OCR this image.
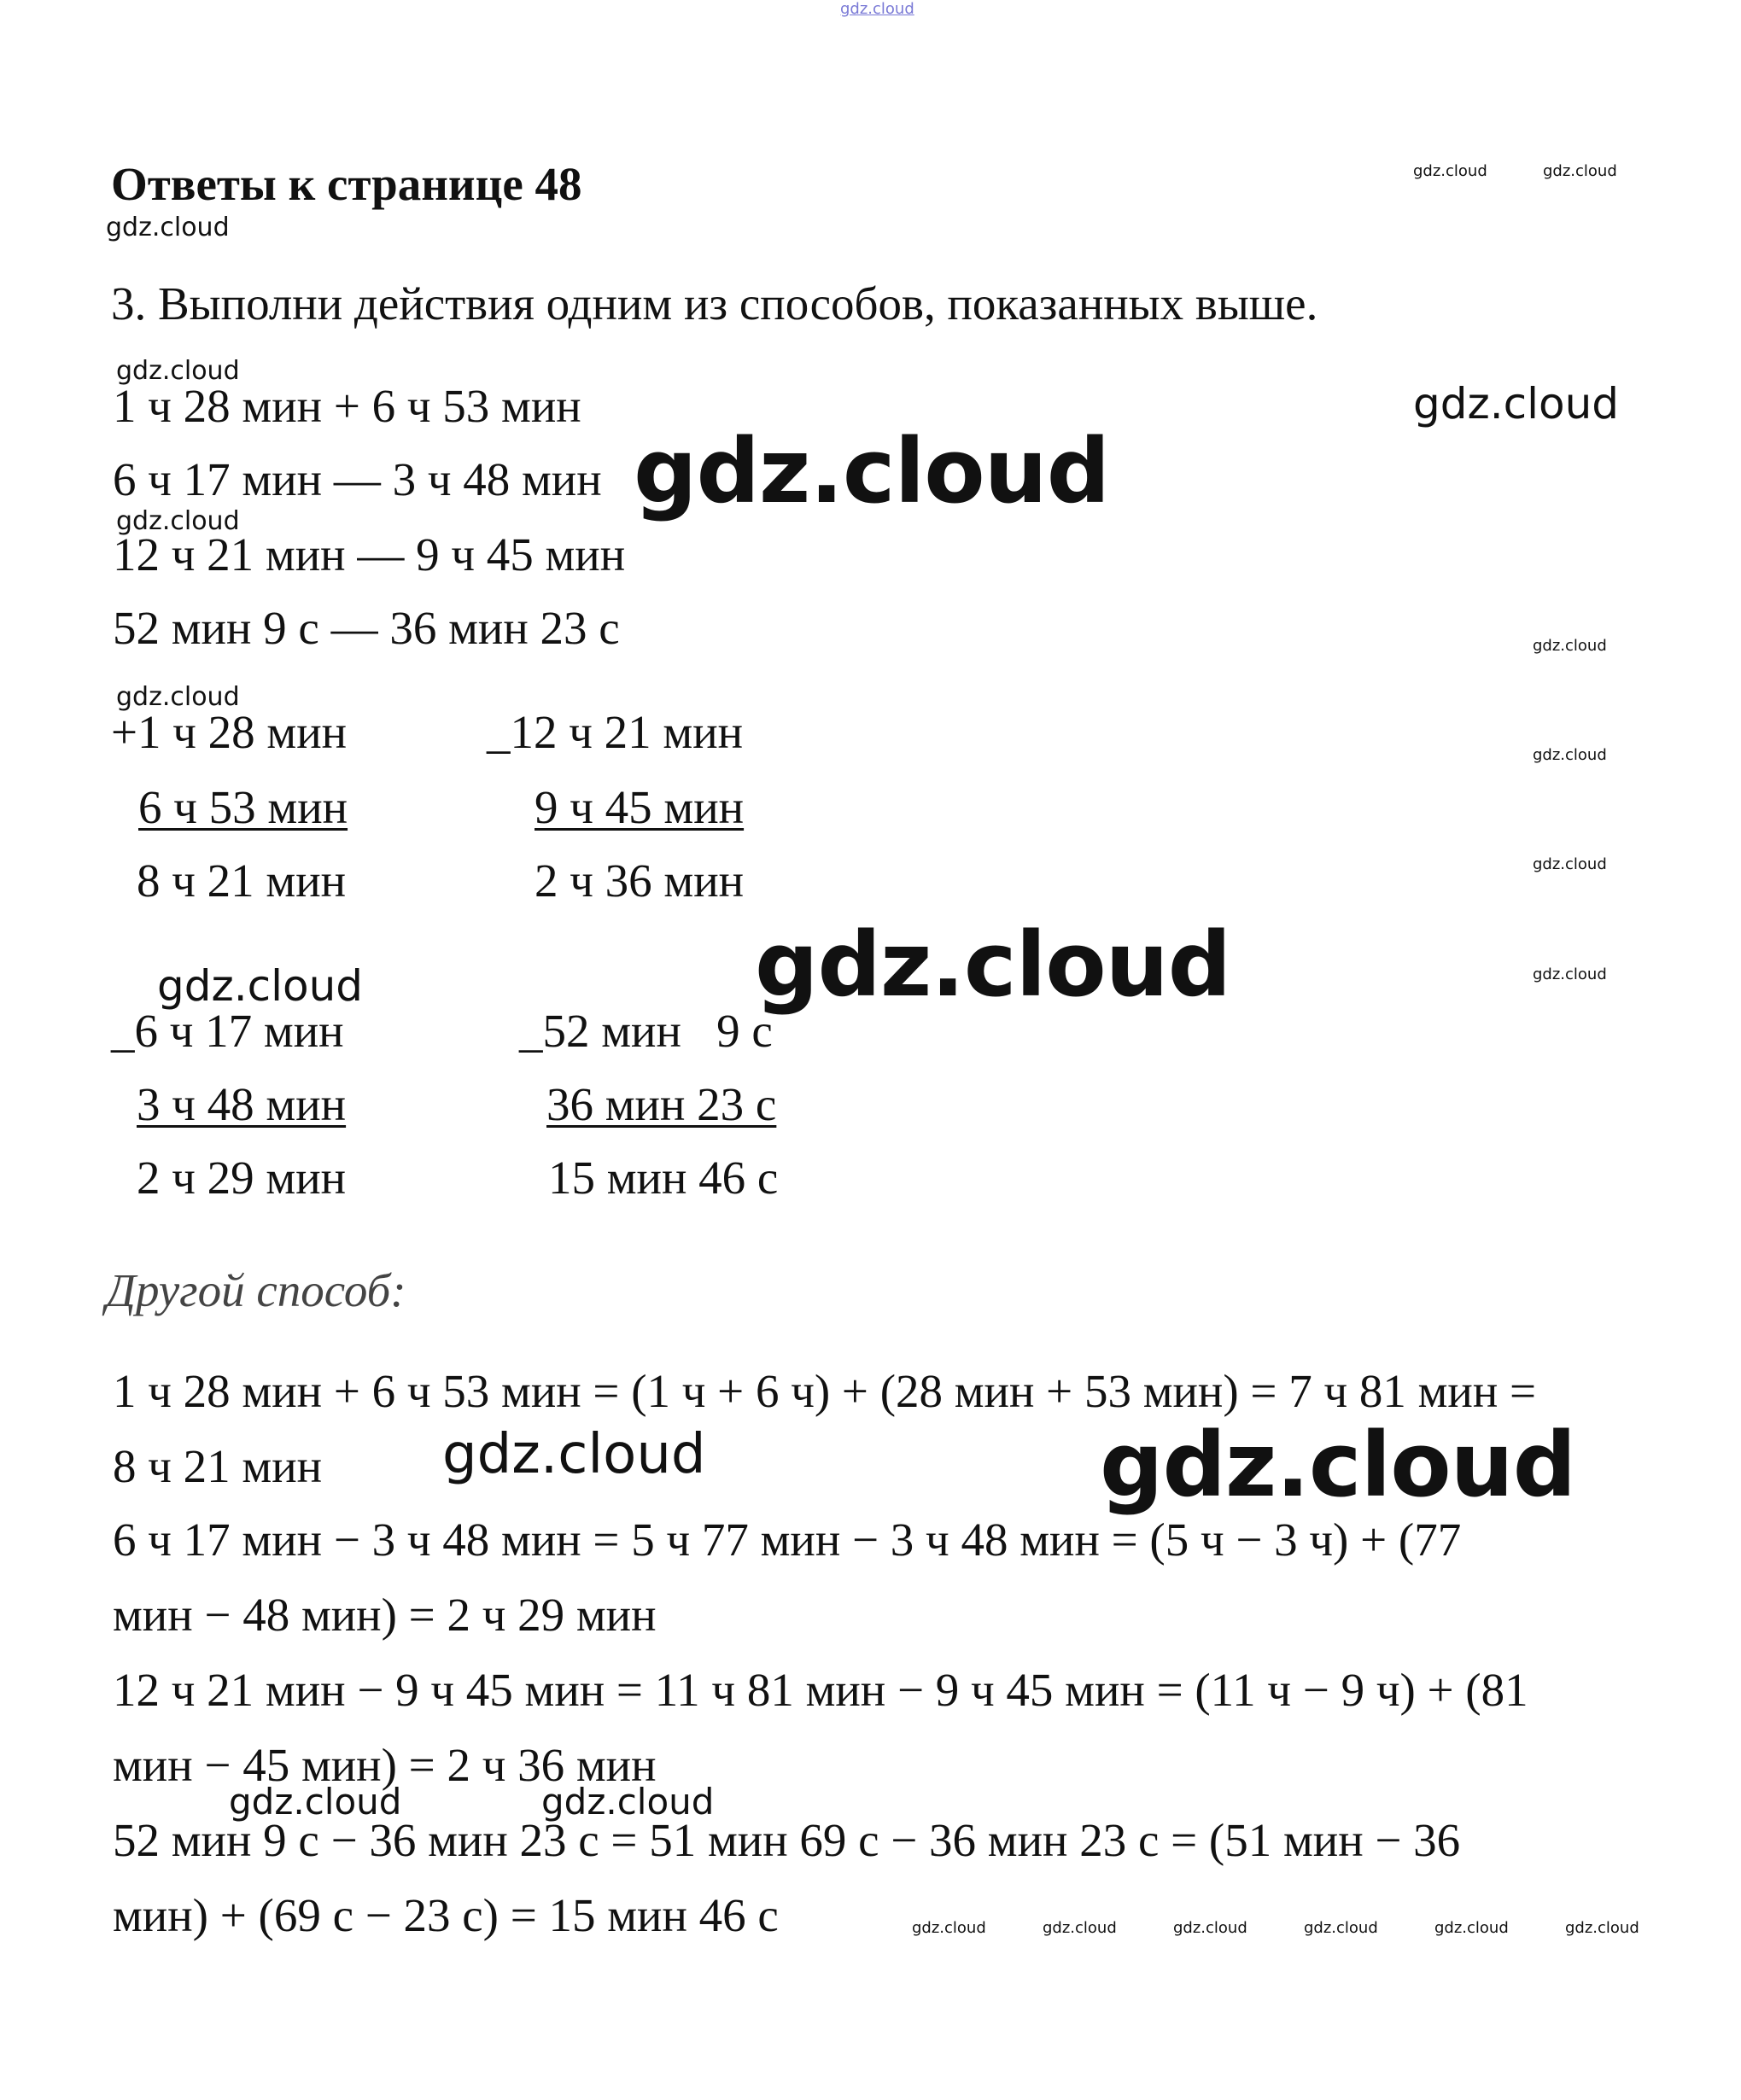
gdz.cloud
Ответы к странице 48
gdz.cloud
gdz.cloud	gdz.cloud
3. Выполни действия одним из способов, показанных выше.
gdz.cloud
1 ч 28 мин + 6 ч 53 мин	gdz.cloud
6 ч 17 мин — 3 ч 48 мин gdz.cloud
gdz.cloud
12 ч 21 мин — 9 ч 45 мин
52 мин 9 с — 36 мин 23 с	gdz.cloud
gdz.cloud
+1 ч 28 мин
6 ч 53 мин
8 ч 21 мин
_12 ч 21 мин
9 ч 45 мин
2 ч 36 мин
gdz.cloud
gdz.cloud
gdz.cloud
gdz.cloud	gdz.cloud
_6 ч 17 мин
3 ч 48 мин
2 ч 29 мин
_52 мин   9 с
36 мин 23 с
15 мин 46 с
Другой способ:
1 ч 28 мин + 6 ч 53 мин = (1 ч + 6 ч) + (28 мин + 53 мин) = 7 ч 81 мин =
8 ч 21 мин gdz.cloud	gdz.cloud
6 ч 17 мин − 3 ч 48 мин = 5 ч 77 мин − 3 ч 48 мин = (5 ч − 3 ч) + (77
мин − 48 мин) = 2 ч 29 мин
12 ч 21 мин − 9 ч 45 мин = 11 ч 81 мин − 9 ч 45 мин = (11 ч − 9 ч) + (81
мин − 45 мин) = 2 ч 36 мин
gdz.cloud	gdz.cloud
52 мин 9 с − 36 мин 23 с = 51 мин 69 с − 36 мин 23 с = (51 мин − 36
мин) + (69 с − 23 с) = 15 мин 46 с	gdz.cloud	gdz.cloud	gdz.cloud	gdz.cloud	gdz.cloud	gdz.cloud
